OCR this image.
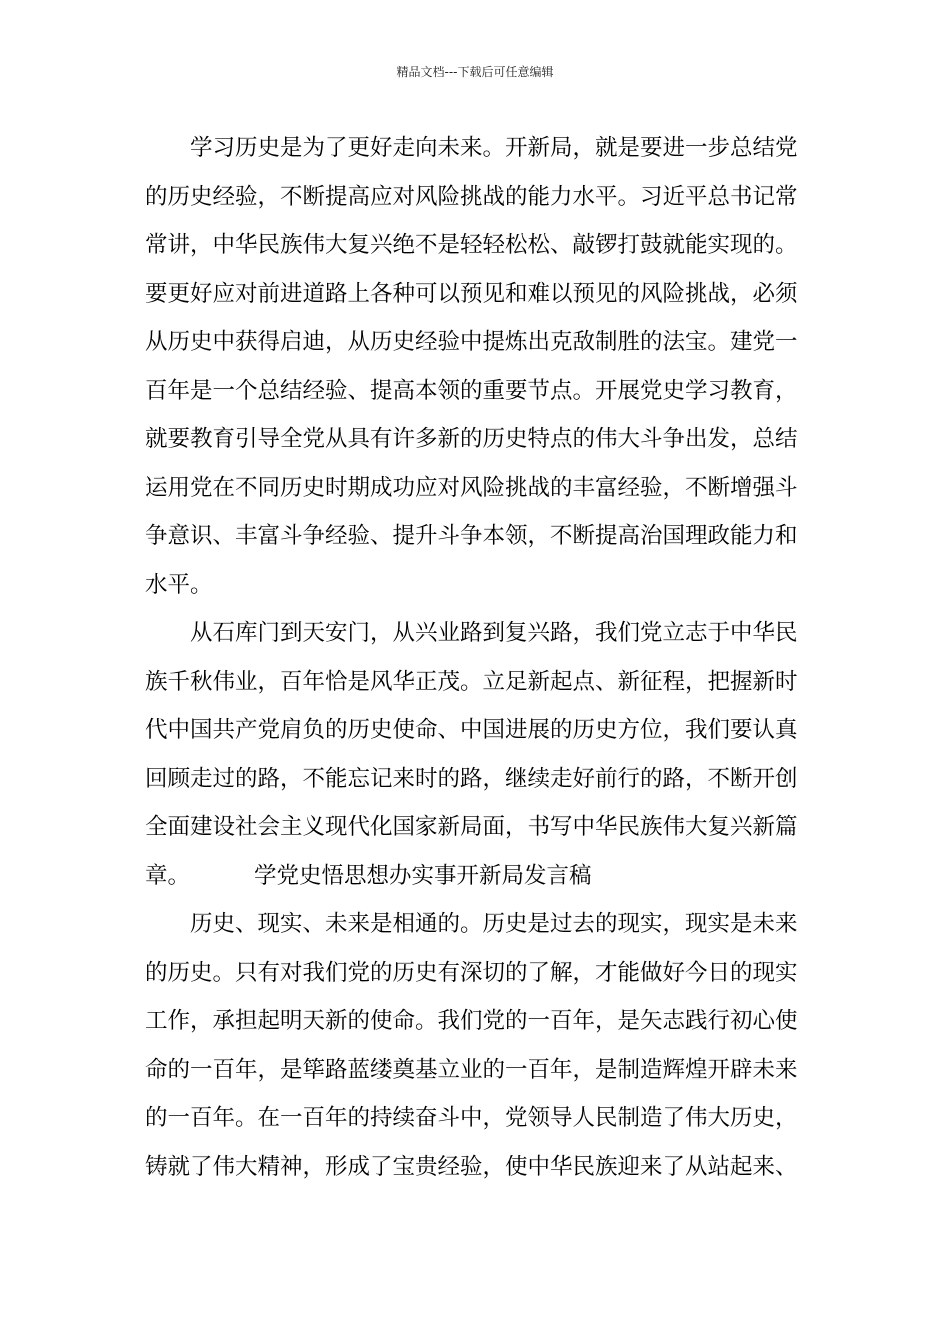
精品文档---下载后可任意编辑
学习历史是为了更好走向未来。开新局，就是要进一步总结党
的历史经验，不断提高应对风险挑战的能力水平。习近平总书记常
常讲，中华民族伟大复兴绝不是轻轻松松、敲锣打鼓就能实现的。
要更好应对前进道路上各种可以预见和难以预见的风险挑战，必须
从历史中获得启迪，从历史经验中提炼出克敌制胜的法宝。建党一
百年是一个总结经验、提高本领的重要节点。开展党史学习教育，
就要教育引导全党从具有许多新的历史特点的伟大斗争出发，总结
运用党在不同历史时期成功应对风险挑战的丰富经验，不断增强斗
争意识、丰富斗争经验、提升斗争本领，不断提高治国理政能力和
水平。
从石库门到天安门，从兴业路到复兴路，我们党立志于中华民
族千秋伟业，百年恰是风华正茂。立足新起点、新征程，把握新时
代中国共产党肩负的历史使命、中国进展的历史方位，我们要认真
回顾走过的路，不能忘记来时的路，继续走好前行的路，不断开创
全面建设社会主义现代化国家新局面，书写中华民族伟大复兴新篇
章。	学党史悟思想办实事开新局发言稿
历史、现实、未来是相通的。历史是过去的现实，现实是未来
的历史。只有对我们党的历史有深切的了解，才能做好今日的现实
工作，承担起明天新的使命。我们党的一百年，是矢志践行初心使
命的一百年，是筚路蓝缕奠基立业的一百年，是制造辉煌开辟未来
的一百年。在一百年的持续奋斗中，党领导人民制造了伟大历史，
铸就了伟大精神，形成了宝贵经验，使中华民族迎来了从站起来、
